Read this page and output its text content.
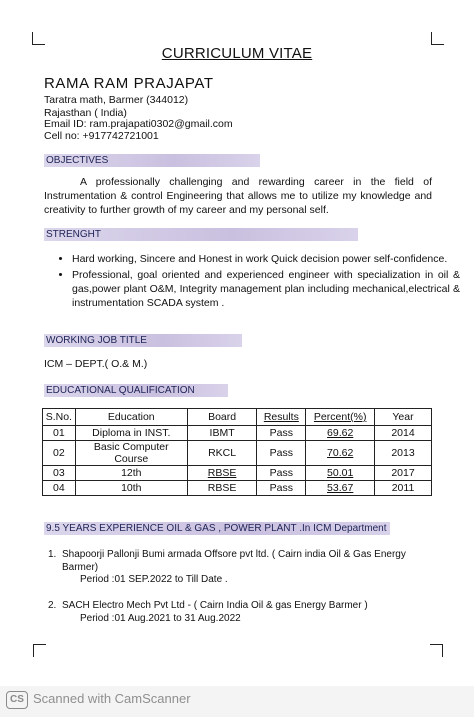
CURRICULUM VITAE
RAMA RAM PRAJAPAT
Taratra math, Barmer (344012)
Rajasthan ( India)
Email ID: ram.prajapati0302@gmail.com
Cell no: +917742721001
OBJECTIVES
A professionally challenging and rewarding career in the field of Instrumentation & control Engineering that allows me to utilize my knowledge and creativity to further growth of my career and my personal self.
STRENGHT
• Hard working, Sincere and Honest in work Quick decision power self-confidence.
• Professional, goal oriented and experienced engineer with specialization in oil & gas,power plant O&M, Integrity management plan including mechanical,electrical & instrumentation SCADA system .
WORKING JOB TITLE
ICM – DEPT.( O.& M.)
EDUCATIONAL QUALIFICATION
S.No.	Education	Board	Results	Percent(%)	Year
01	Diploma in INST.	IBMT	Pass	69.62	2014
02	Basic Computer Course	RKCL	Pass	70.62	2013
03	12th	RBSE	Pass	50.01	2017
04	10th	RBSE	Pass	53.67	2011
9.5 YEARS EXPERIENCE OIL & GAS , POWER PLANT .In ICM Department
1. Shapoorji Pallonji Bumi armada Offsore pvt ltd. ( Cairn india Oil & Gas Energy Barmer)
Period :01 SEP.2022 to Till Date .
2. SACH Electro Mech Pvt Ltd - ( Cairn India Oil & gas Energy Barmer )
Period :01 Aug.2021 to 31 Aug.2022
CS Scanned with CamScanner
